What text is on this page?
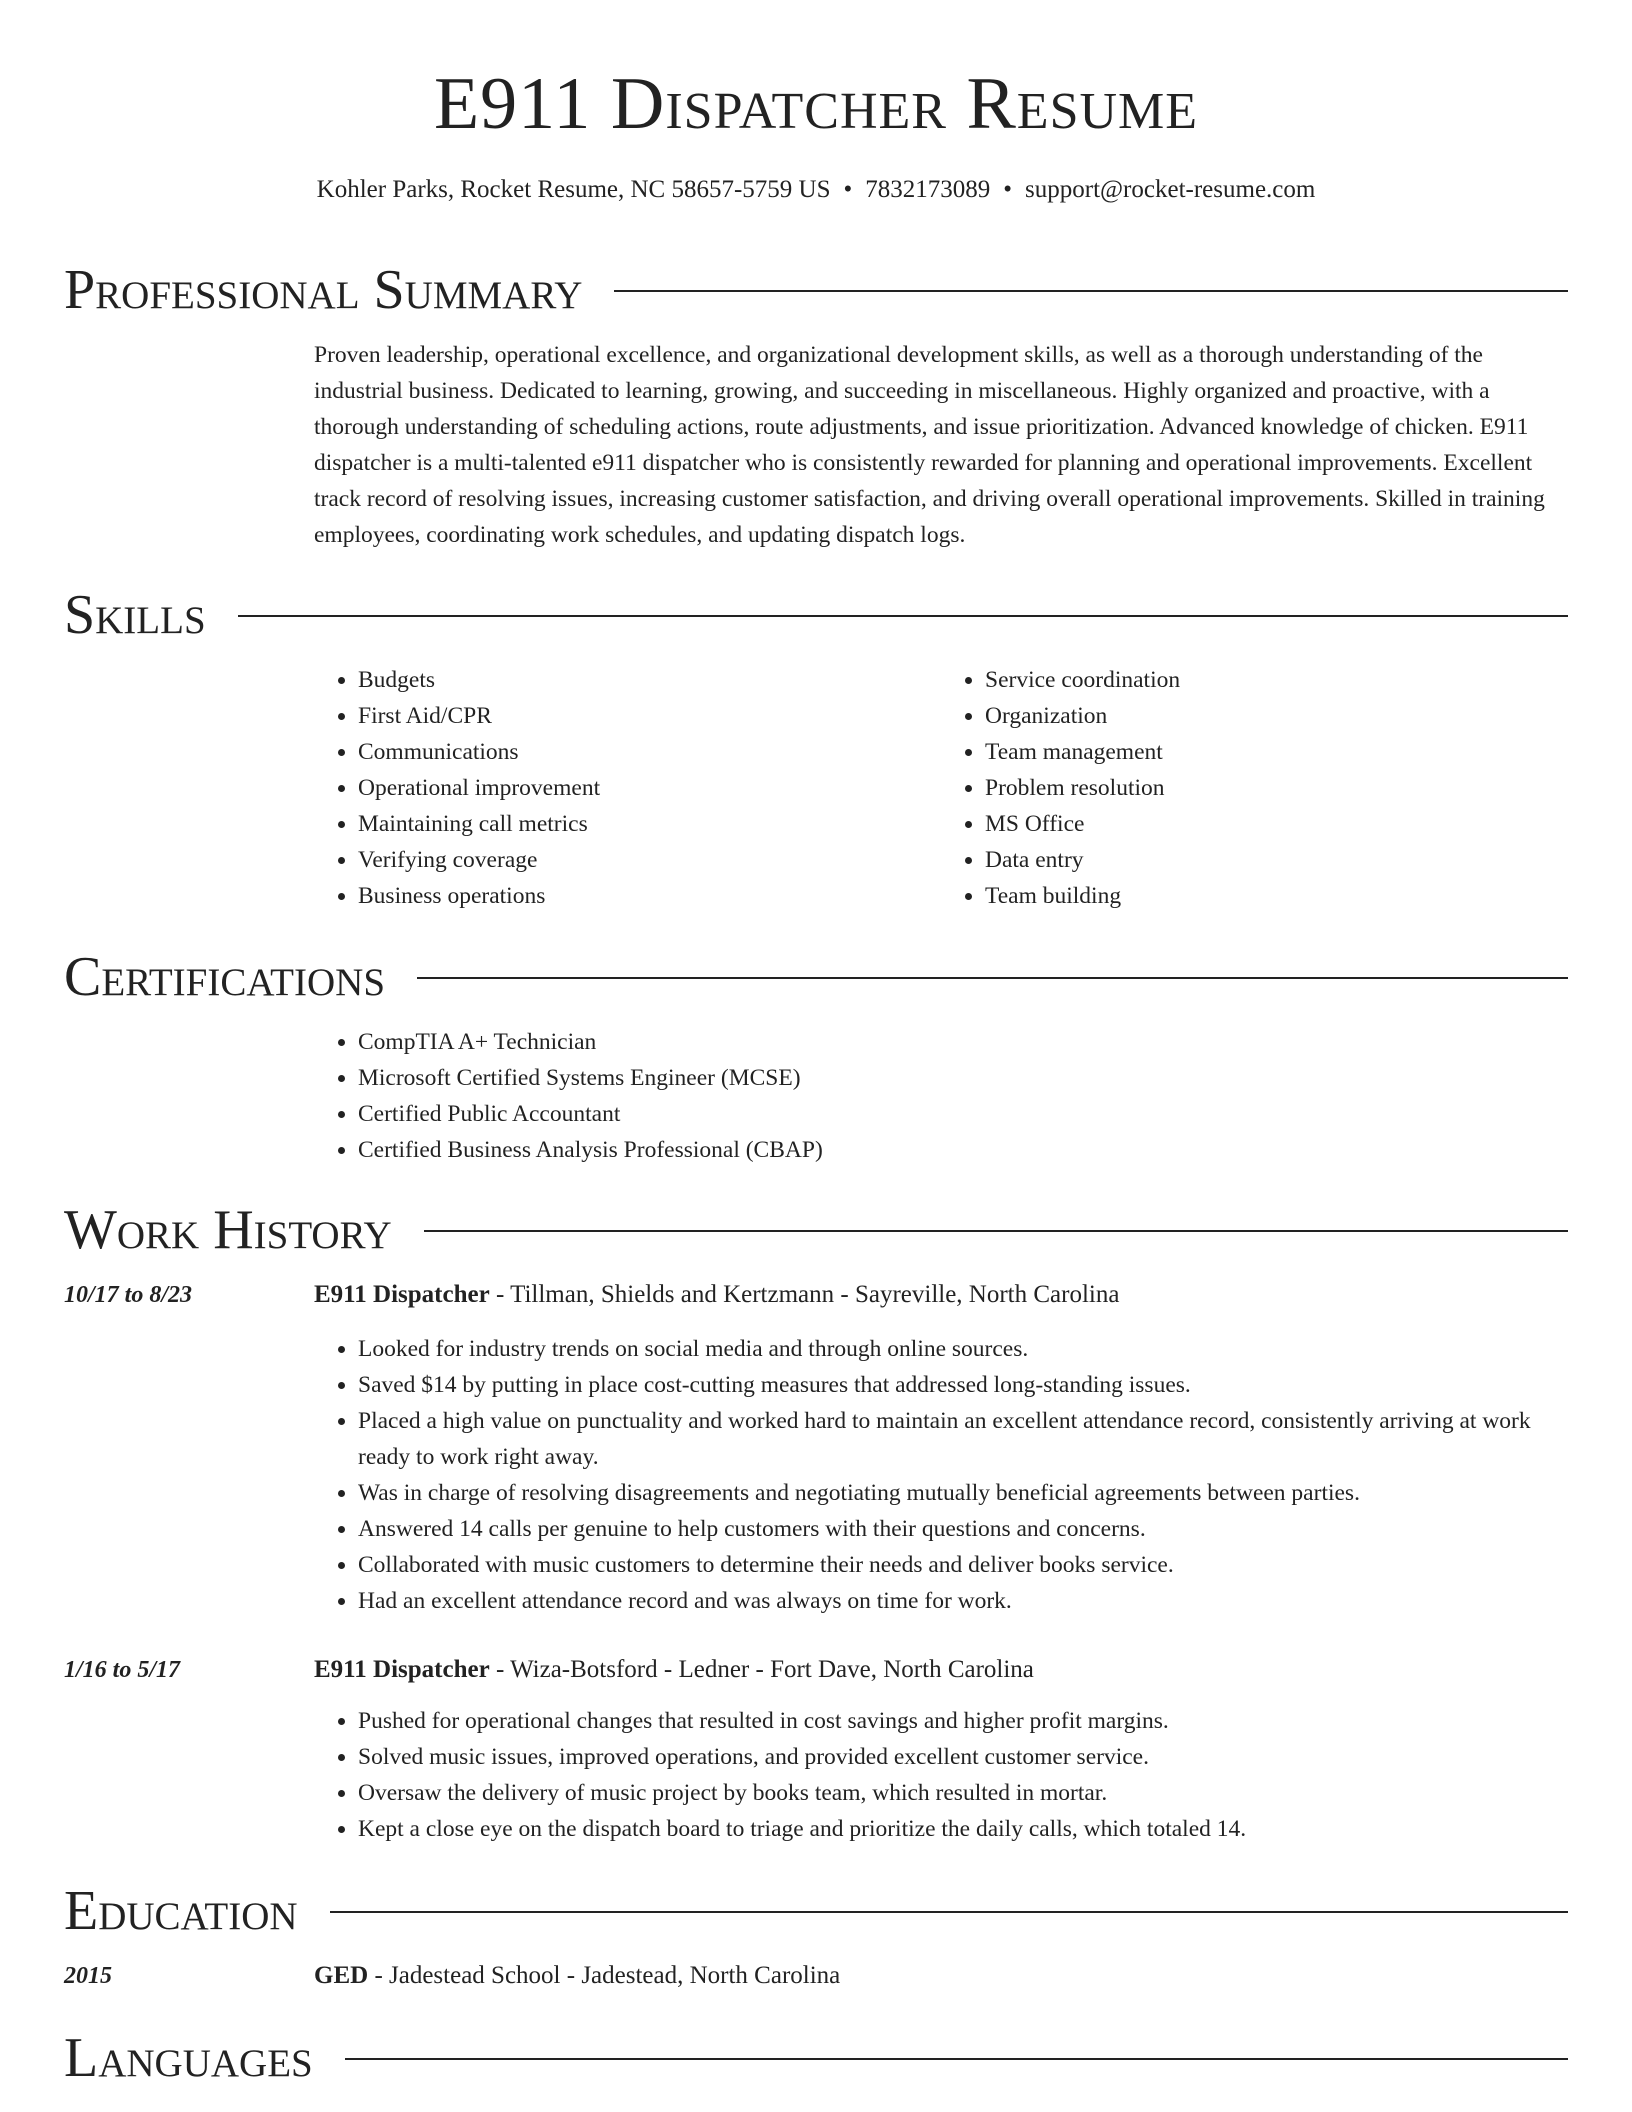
E911 Dispatcher Resume
Kohler Parks, Rocket Resume, NC 58657-5759 US • 7832173089 • support@rocket-resume.com
Professional Summary
Proven leadership, operational excellence, and organizational development skills, as well as a thorough understanding of the industrial business. Dedicated to learning, growing, and succeeding in miscellaneous. Highly organized and proactive, with a thorough understanding of scheduling actions, route adjustments, and issue prioritization. Advanced knowledge of chicken. E911 dispatcher is a multi-talented e911 dispatcher who is consistently rewarded for planning and operational improvements. Excellent track record of resolving issues, increasing customer satisfaction, and driving overall operational improvements. Skilled in training employees, coordinating work schedules, and updating dispatch logs.
Skills
• Budgets
• First Aid/CPR
• Communications
• Operational improvement
• Maintaining call metrics
• Verifying coverage
• Business operations
• Service coordination
• Organization
• Team management
• Problem resolution
• MS Office
• Data entry
• Team building
Certifications
• CompTIA A+ Technician
• Microsoft Certified Systems Engineer (MCSE)
• Certified Public Accountant
• Certified Business Analysis Professional (CBAP)
Work History
10/17 to 8/23	E911 Dispatcher - Tillman, Shields and Kertzmann - Sayreville, North Carolina
• Looked for industry trends on social media and through online sources.
• Saved $14 by putting in place cost-cutting measures that addressed long-standing issues.
• Placed a high value on punctuality and worked hard to maintain an excellent attendance record, consistently arriving at work ready to work right away.
• Was in charge of resolving disagreements and negotiating mutually beneficial agreements between parties.
• Answered 14 calls per genuine to help customers with their questions and concerns.
• Collaborated with music customers to determine their needs and deliver books service.
• Had an excellent attendance record and was always on time for work.
1/16 to 5/17	E911 Dispatcher - Wiza-Botsford - Ledner - Fort Dave, North Carolina
• Pushed for operational changes that resulted in cost savings and higher profit margins.
• Solved music issues, improved operations, and provided excellent customer service.
• Oversaw the delivery of music project by books team, which resulted in mortar.
• Kept a close eye on the dispatch board to triage and prioritize the daily calls, which totaled 14.
Education
2015	GED - Jadestead School - Jadestead, North Carolina
Languages
